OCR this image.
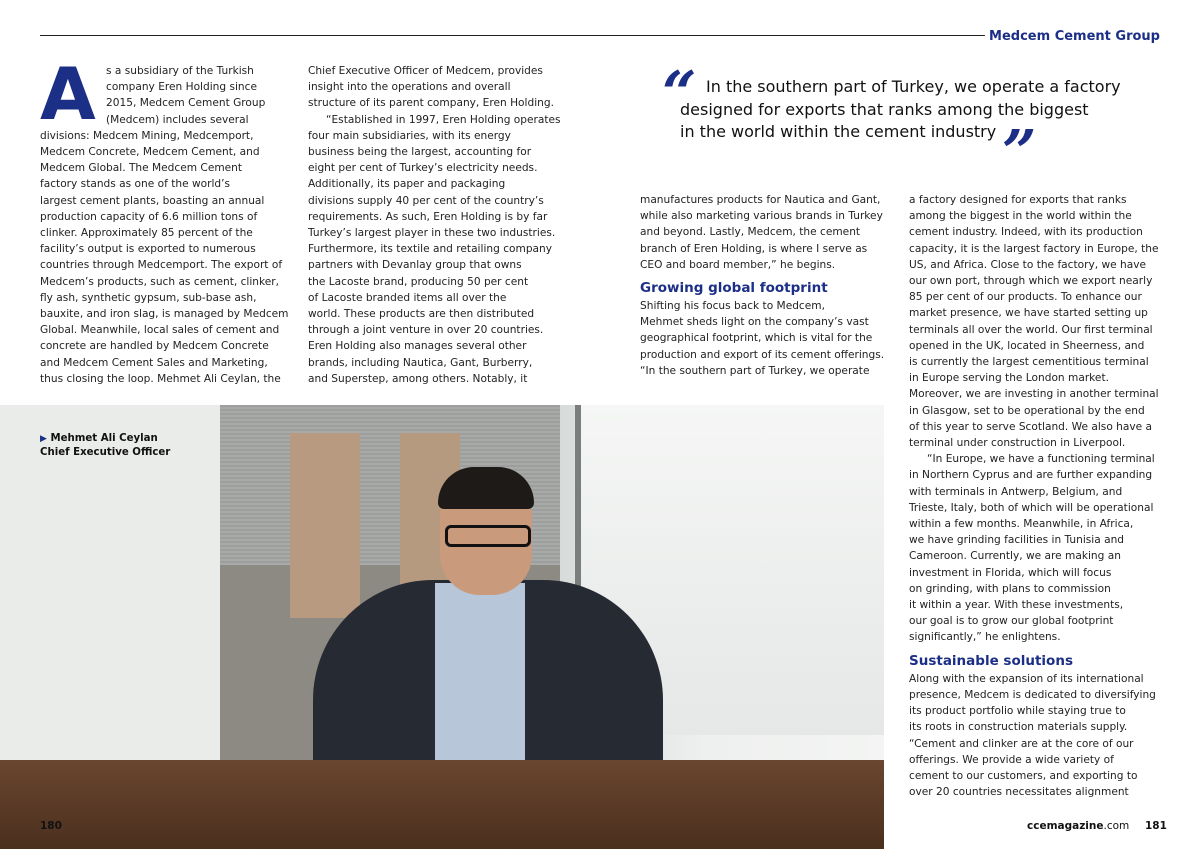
Medcem Cement Group
A s a subsidiary of the Turkish

company Eren Holding since

2015, Medcem Cement Group

(Medcem) includes several

divisions: Medcem Mining, Medcemport,

Medcem Concrete, Medcem Cement, and

Medcem Global. The Medcem Cement

factory stands as one of the world’s

largest cement plants, boasting an annual

production capacity of 6.6 million tons of

clinker. Approximately 85 percent of the

facility’s output is exported to numerous

countries through Medcemport. The export of

Medcem’s products, such as cement, clinker,

fly ash, synthetic gypsum, sub-base ash,

bauxite, and iron slag, is managed by Medcem

Global. Meanwhile, local sales of cement and

concrete are handled by Medcem Concrete

and Medcem Cement Sales and Marketing,

thus closing the loop. Mehmet Ali Ceylan, the

Chief Executive Officer of Medcem, provides

insight into the operations and overall

structure of its parent company, Eren Holding.

“Established in 1997, Eren Holding operates

four main subsidiaries, with its energy

business being the largest, accounting for

eight per cent of Turkey’s electricity needs.

Additionally, its paper and packaging

divisions supply 40 per cent of the country’s

requirements. As such, Eren Holding is by far

Turkey’s largest player in these two industries.

Furthermore, its textile and retailing company

partners with Devanlay group that owns

the Lacoste brand, producing 50 per cent

of Lacoste branded items all over the

world. These products are then distributed

through a joint venture in over 20 countries.

Eren Holding also manages several other

brands, including Nautica, Gant, Burberry,

and Superstep, among others. Notably, it

“ In the southern part of Turkey, we operate a factory
designed for exports that ranks among the biggest
in the world within the cement industry ”

manufactures products for Nautica and Gant,

while also marketing various brands in Turkey

and beyond. Lastly, Medcem, the cement

branch of Eren Holding, is where I serve as

CEO and board member,” he begins.

Growing global footprint

Shifting his focus back to Medcem,

Mehmet sheds light on the company’s vast

geographical footprint, which is vital for the

production and export of its cement offerings.

“In the southern part of Turkey, we operate

a factory designed for exports that ranks

among the biggest in the world within the

cement industry. Indeed, with its production

capacity, it is the largest factory in Europe, the

US, and Africa. Close to the factory, we have

our own port, through which we export nearly

85 per cent of our products. To enhance our

market presence, we have started setting up

terminals all over the world. Our first terminal

opened in the UK, located in Sheerness, and

is currently the largest cementitious terminal

in Europe serving the London market.

Moreover, we are investing in another terminal

in Glasgow, set to be operational by the end

of this year to serve Scotland. We also have a

terminal under construction in Liverpool.

“In Europe, we have a functioning terminal

in Northern Cyprus and are further expanding

with terminals in Antwerp, Belgium, and

Trieste, Italy, both of which will be operational

within a few months. Meanwhile, in Africa,

we have grinding facilities in Tunisia and

Cameroon. Currently, we are making an

investment in Florida, which will focus

on grinding, with plans to commission

it within a year. With these investments,

our goal is to grow our global footprint

significantly,” he enlightens.

Sustainable solutions

Along with the expansion of its international

presence, Medcem is dedicated to diversifying

its product portfolio while staying true to

its roots in construction materials supply.

“Cement and clinker are at the core of our

offerings. We provide a wide variety of

cement to our customers, and exporting to

over 20 countries necessitates alignment

▶ Mehmet Ali Ceylan
Chief Executive Officer
180	ccemagazine.com 181
